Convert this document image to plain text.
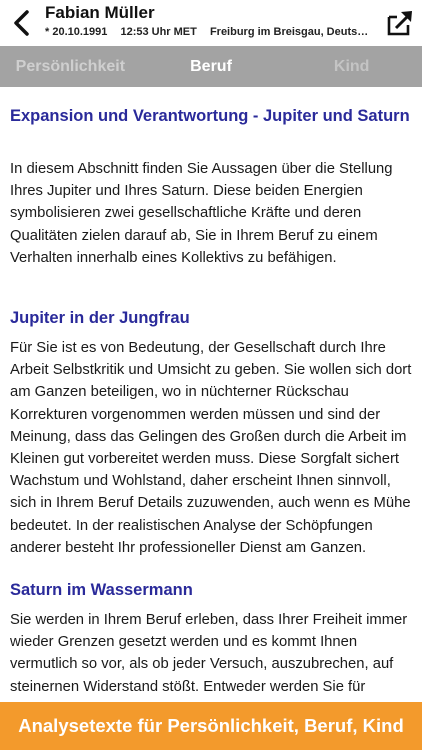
Fabian Müller
* 20.10.1991 12:53 Uhr MET Freiburg im Breisgau, Deuts…
Persönlichkeit	Beruf	Kind
Expansion und Verantwortung - Jupiter und Saturn

In diesem Abschnitt finden Sie Aussagen über die Stellung Ihres Jupiter und Ihres Saturn. Diese beiden Energien symbolisieren zwei gesellschaftliche Kräfte und deren Qualitäten zielen darauf ab, Sie in Ihrem Beruf zu einem Verhalten innerhalb eines Kollektivs zu befähigen.

Jupiter in der Jungfrau

Für Sie ist es von Bedeutung, der Gesellschaft durch Ihre Arbeit Selbstkritik und Umsicht zu geben. Sie wollen sich dort am Ganzen beteiligen, wo in nüchterner Rückschau Korrekturen vorgenommen werden müssen und sind der Meinung, dass das Gelingen des Großen durch die Arbeit im Kleinen gut vorbereitet werden muss. Diese Sorgfalt sichert Wachstum und Wohlstand, daher erscheint Ihnen sinnvoll, sich in Ihrem Beruf Details zuzuwenden, auch wenn es Mühe bedeutet. In der realistischen Analyse der Schöpfungen anderer besteht Ihr professioneller Dienst am Ganzen.

Saturn im Wassermann

Sie werden in Ihrem Beruf erleben, dass Ihrer Freiheit immer wieder Grenzen gesetzt werden und es kommt Ihnen vermutlich so vor, als ob jeder Versuch, auszubrechen, auf steinernen Widerstand stößt. Entweder werden Sie für

Analysetexte für Persönlichkeit, Beruf, Kind
